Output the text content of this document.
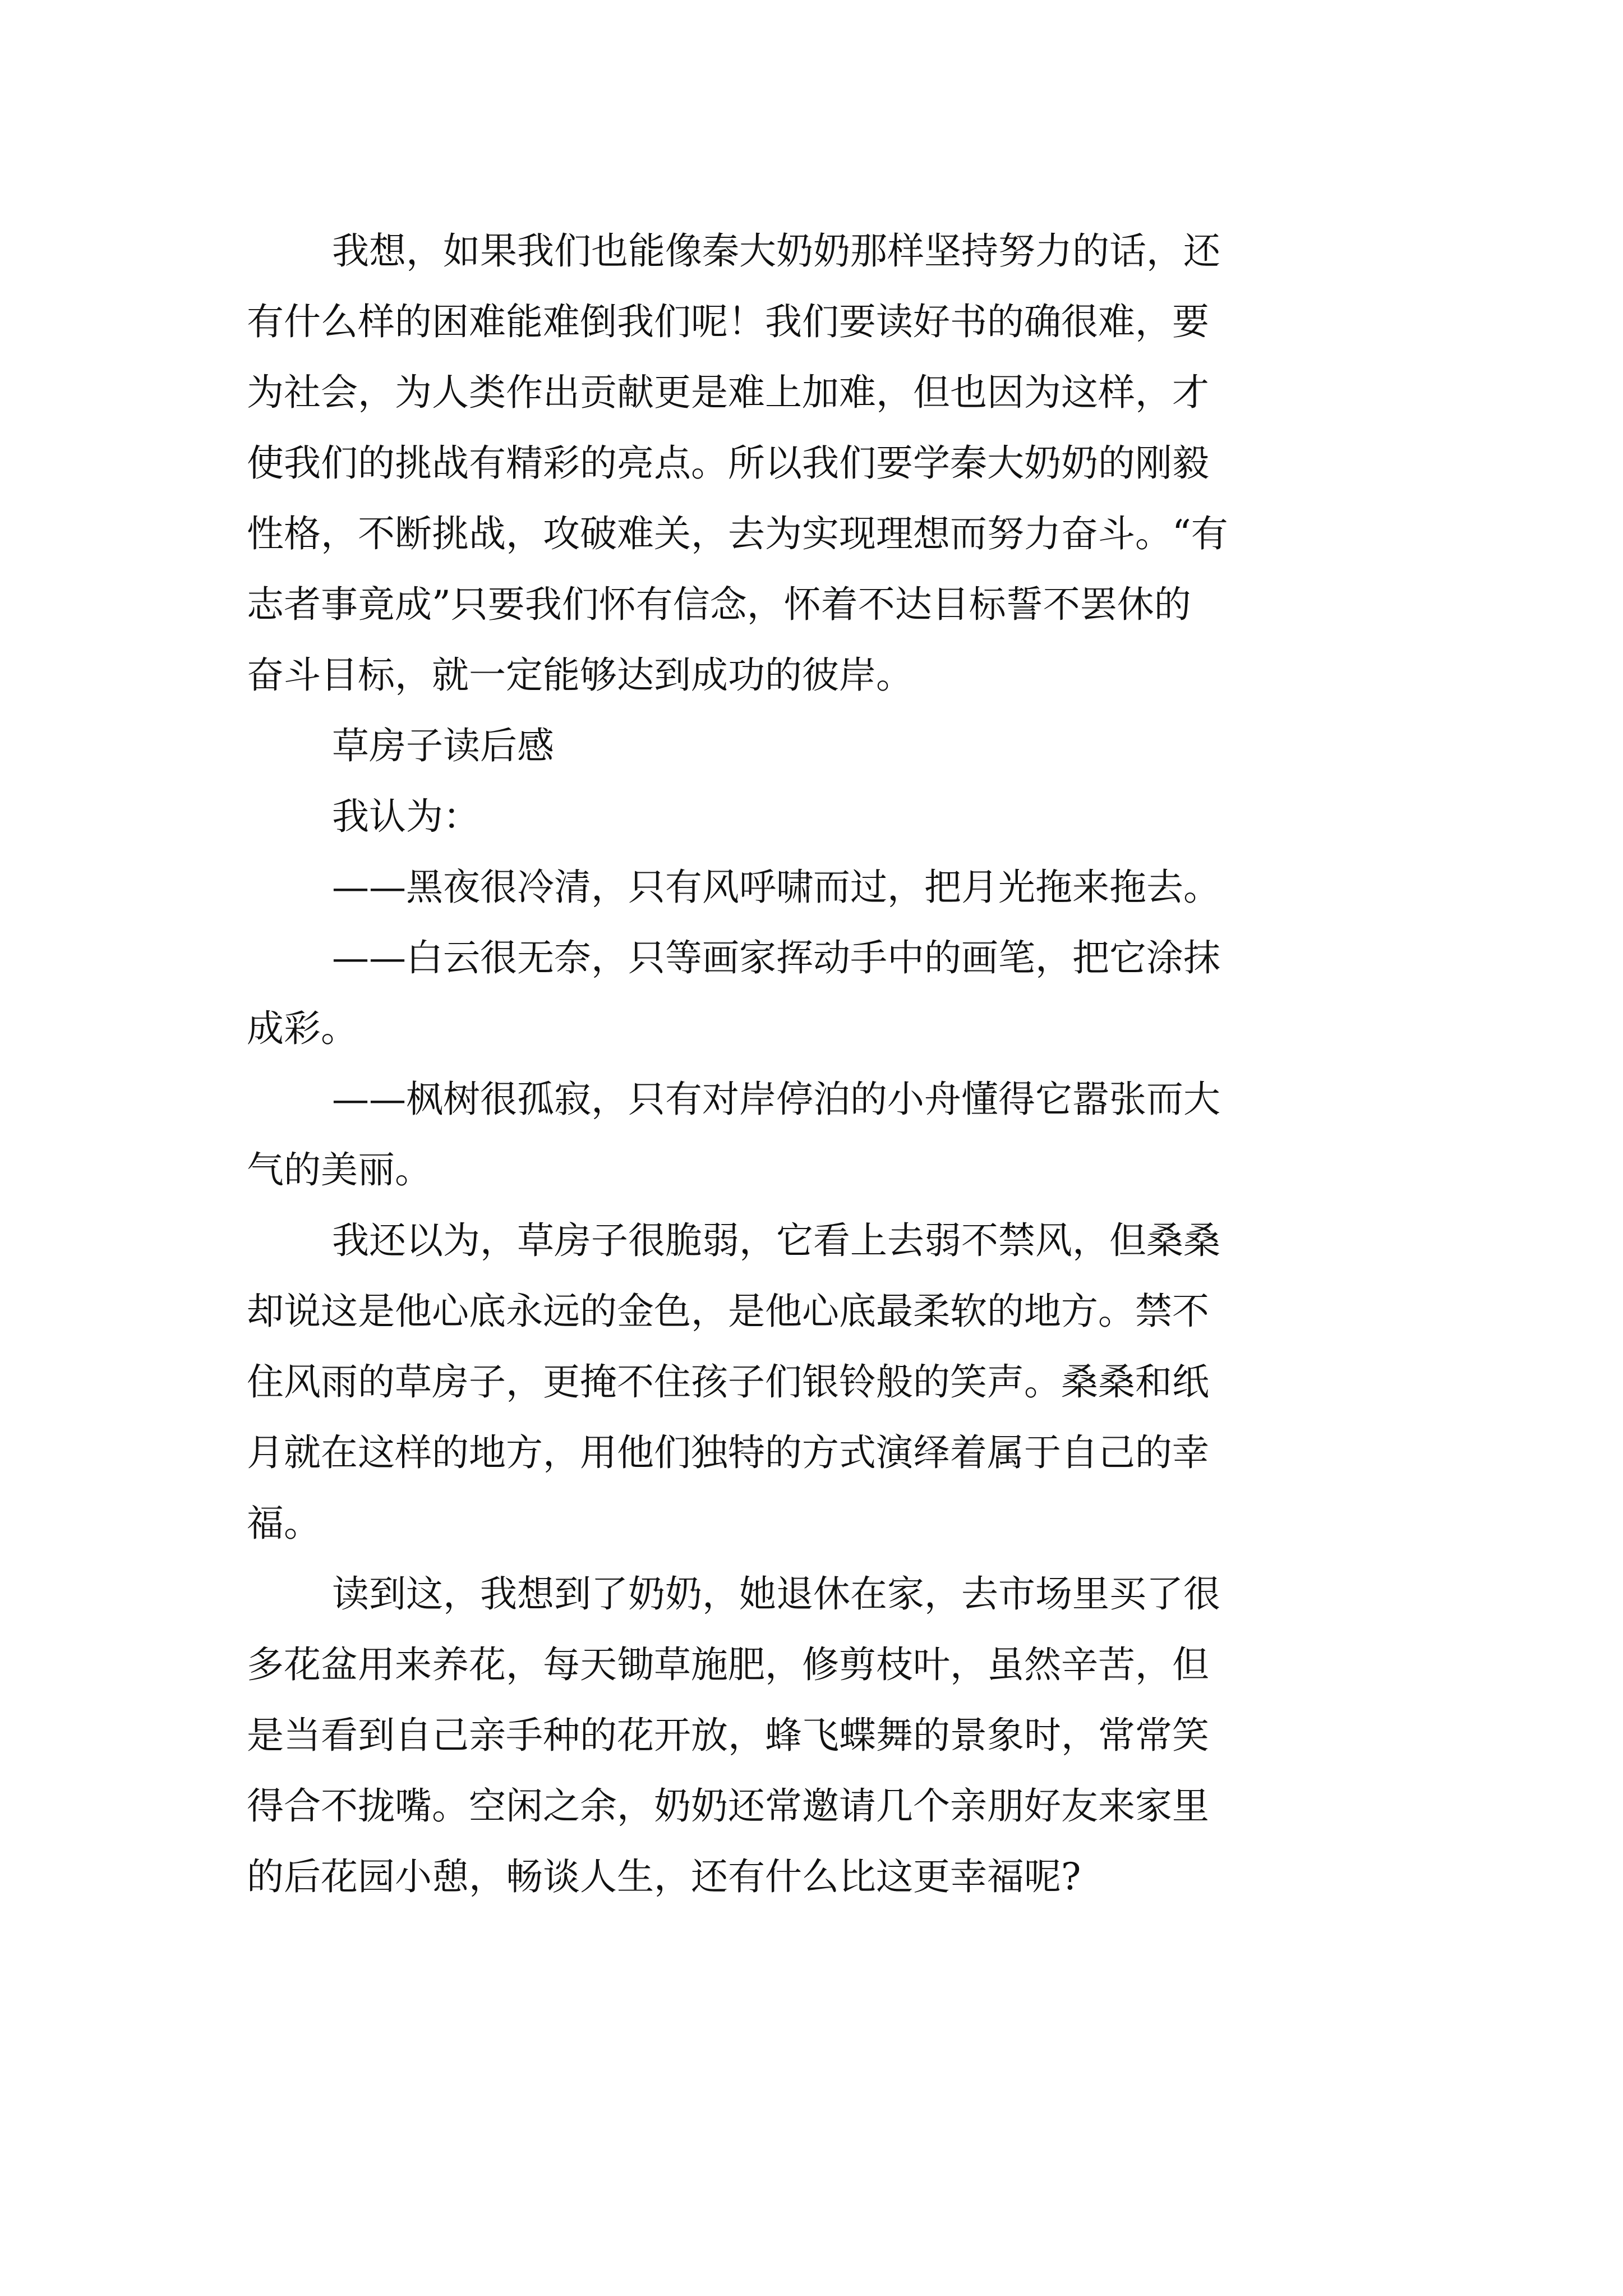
我想，如果我们也能像秦大奶奶那样坚持努力的话，还
有什么样的困难能难倒我们呢！我们要读好书的确很难，要
为社会，为人类作出贡献更是难上加难，但也因为这样，才
使我们的挑战有精彩的亮点。所以我们要学秦大奶奶的刚毅
性格，不断挑战，攻破难关，去为实现理想而努力奋斗。“有
志者事竟成”只要我们怀有信念，怀着不达目标誓不罢休的
奋斗目标，就一定能够达到成功的彼岸。
草房子读后感
我认为：
——黑夜很冷清，只有风呼啸而过，把月光拖来拖去。
——白云很无奈，只等画家挥动手中的画笔，把它涂抹
成彩。
——枫树很孤寂，只有对岸停泊的小舟懂得它嚣张而大
气的美丽。
我还以为，草房子很脆弱，它看上去弱不禁风，但桑桑
却说这是他心底永远的金色，是他心底最柔软的地方。禁不
住风雨的草房子，更掩不住孩子们银铃般的笑声。桑桑和纸
月就在这样的地方，用他们独特的方式演绎着属于自己的幸
福。
读到这，我想到了奶奶，她退休在家，去市场里买了很
多花盆用来养花，每天锄草施肥，修剪枝叶，虽然辛苦，但
是当看到自己亲手种的花开放，蜂飞蝶舞的景象时，常常笑
得合不拢嘴。空闲之余，奶奶还常邀请几个亲朋好友来家里
的后花园小憩，畅谈人生，还有什么比这更幸福呢?
